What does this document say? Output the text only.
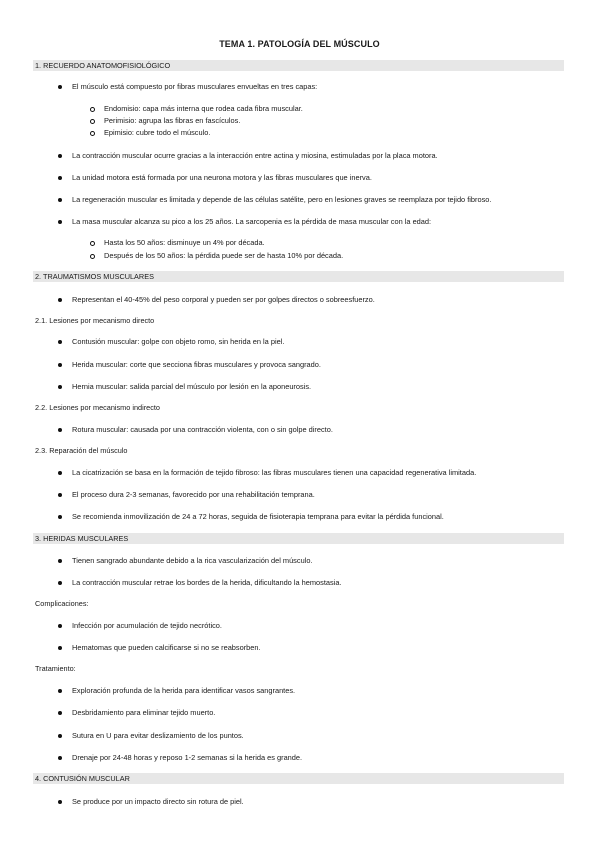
TEMA 1. PATOLOGÍA DEL MÚSCULO
1. RECUERDO ANATOMOFISIOLÓGICO
El músculo está compuesto por fibras musculares envueltas en tres capas:
Endomisio: capa más interna que rodea cada fibra muscular.
Perimisio: agrupa las fibras en fascículos.
Epimisio: cubre todo el músculo.
La contracción muscular ocurre gracias a la interacción entre actina y miosina, estimuladas por la placa motora.
La unidad motora está formada por una neurona motora y las fibras musculares que inerva.
La regeneración muscular es limitada y depende de las células satélite, pero en lesiones graves se reemplaza por tejido fibroso.
La masa muscular alcanza su pico a los 25 años. La sarcopenia es la pérdida de masa muscular con la edad:
Hasta los 50 años: disminuye un 4% por década.
Después de los 50 años: la pérdida puede ser de hasta 10% por década.
2. TRAUMATISMOS MUSCULARES
Representan el 40-45% del peso corporal y pueden ser por golpes directos o sobreesfuerzo.
2.1. Lesiones por mecanismo directo
Contusión muscular: golpe con objeto romo, sin herida en la piel.
Herida muscular: corte que secciona fibras musculares y provoca sangrado.
Hernia muscular: salida parcial del músculo por lesión en la aponeurosis.
2.2. Lesiones por mecanismo indirecto
Rotura muscular: causada por una contracción violenta, con o sin golpe directo.
2.3. Reparación del músculo
La cicatrización se basa en la formación de tejido fibroso: las fibras musculares tienen una capacidad regenerativa limitada.
El proceso dura 2-3 semanas, favorecido por una rehabilitación temprana.
Se recomienda inmovilización de 24 a 72 horas, seguida de fisioterapia temprana para evitar la pérdida funcional.
3. HERIDAS MUSCULARES
Tienen sangrado abundante debido a la rica vascularización del músculo.
La contracción muscular retrae los bordes de la herida, dificultando la hemostasia.
Complicaciones:
Infección por acumulación de tejido necrótico.
Hematomas que pueden calcificarse si no se reabsorben.
Tratamiento:
Exploración profunda de la herida para identificar vasos sangrantes.
Desbridamiento para eliminar tejido muerto.
Sutura en U para evitar deslizamiento de los puntos.
Drenaje por 24-48 horas y reposo 1-2 semanas si la herida es grande.
4. CONTUSIÓN MUSCULAR
Se produce por un impacto directo sin rotura de piel.
